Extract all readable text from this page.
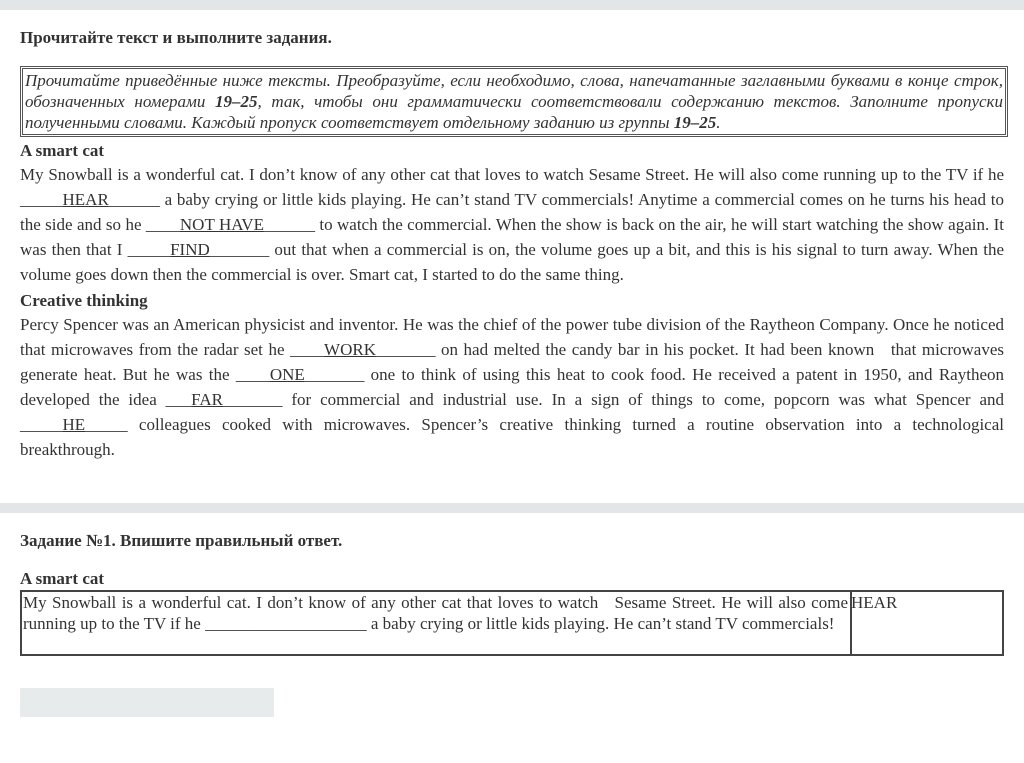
Прочитайте текст и выполните задания.
Прочитайте приведённые ниже тексты. Преобразуйте, если необходимо, слова, напечатанные заглавными буквами в конце строк, обозначенных номерами 19–25, так, чтобы они грамматически соответствовали содержанию текстов. Заполните пропуски полученными словами. Каждый пропуск соответствует отдельному заданию из группы 19–25.
A smart cat
My Snowball is a wonderful cat. I don’t know of any other cat that loves to watch Sesame Street. He will also come running up to the TV if he _____HEAR______ a baby crying or little kids playing. He can’t stand TV commercials! Anytime a commercial comes on he turns his head to the side and so he ____NOT HAVE______ to watch the commercial. When the show is back on the air, he will start watching the show again. It was then that I _____FIND_______ out that when a commercial is on, the volume goes up a bit, and this is his signal to turn away. When the volume goes down then the commercial is over. Smart cat, I started to do the same thing.
Creative thinking
Percy Spencer was an American physicist and inventor. He was the chief of the power tube division of the Raytheon Company. Once he noticed that microwaves from the radar set he ____WORK_______ on had melted the candy bar in his pocket. It had been known   that microwaves generate heat. But he was the ____ONE_______ one to think of using this heat to cook food. He received a patent in 1950, and Raytheon developed the idea ___FAR_______ for commercial and industrial use. In a sign of things to come, popcorn was what Spencer and _____HE_____ colleagues cooked with microwaves. Spencer’s creative thinking turned a routine observation into a technological breakthrough.
Задание №1. Впишите правильный ответ.
A smart cat
My Snowball is a wonderful cat. I don’t know of any other cat that loves to watch   Sesame Street. He will also come running up to the TV if he ___________________ a baby crying or little kids playing. He can’t stand TV commercials!
HEAR
